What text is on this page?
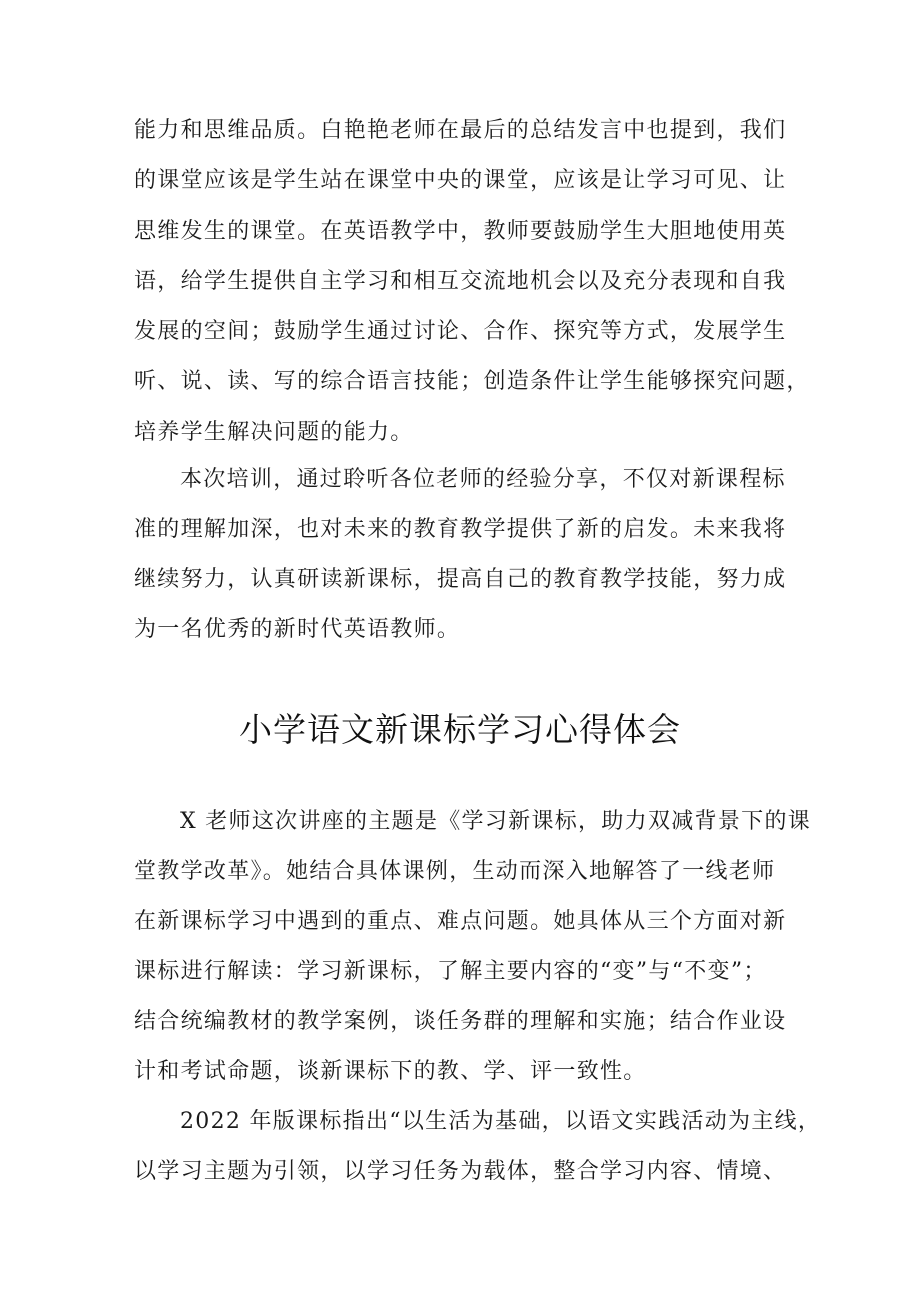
能力和思维品质。白艳艳老师在最后的总结发言中也提到，我们
的课堂应该是学生站在课堂中央的课堂，应该是让学习可见、让
思维发生的课堂。在英语教学中，教师要鼓励学生大胆地使用英
语，给学生提供自主学习和相互交流地机会以及充分表现和自我
发展的空间；鼓励学生通过讨论、合作、探究等方式，发展学生
听、说、读、写的综合语言技能；创造条件让学生能够探究问题，
培养学生解决问题的能力。
本次培训，通过聆听各位老师的经验分享，不仅对新课程标
准的理解加深，也对未来的教育教学提供了新的启发。未来我将
继续努力，认真研读新课标，提高自己的教育教学技能，努力成
为一名优秀的新时代英语教师。
小学语文新课标学习心得体会
X 老师这次讲座的主题是《学习新课标，助力双减背景下的课
堂教学改革》。她结合具体课例，生动而深入地解答了一线老师
在新课标学习中遇到的重点、难点问题。她具体从三个方面对新
课标进行解读：学习新课标，了解主要内容的“变”与“不变”；
结合统编教材的教学案例，谈任务群的理解和实施；结合作业设
计和考试命题，谈新课标下的教、学、评一致性。
2022 年版课标指出“以生活为基础，以语文实践活动为主线，
以学习主题为引领，以学习任务为载体，整合学习内容、情境、
